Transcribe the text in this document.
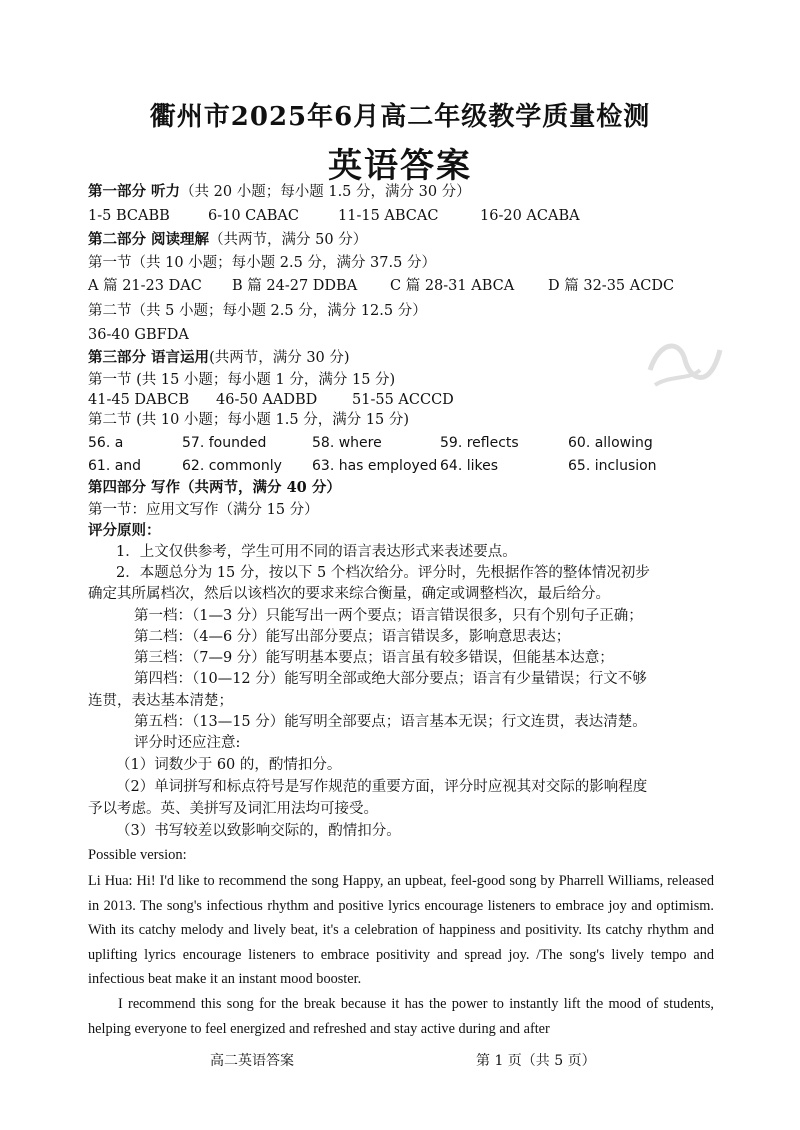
衢州市2025年6月高二年级教学质量检测
英语答案
第一部分 听力（共 20 小题；每小题 1.5 分，满分 30 分）
1-5 BCABB	6-10 CABAC	11-15 ABCAC	16-20 ACABA
第二部分 阅读理解（共两节，满分 50 分）
第一节（共 10 小题；每小题 2.5 分，满分 37.5 分）
A 篇 21-23 DAC B 篇 24-27 DDBA C 篇 28-31 ABCA D 篇 32-35 ACDC
第二节（共 5 小题；每小题 2.5 分，满分 12.5 分）
36-40 GBFDA
第三部分 语言运用(共两节，满分 30 分)
第一节 (共 15 小题；每小题 1 分，满分 15 分)
41-45 DABCB 46-50 AADBD 51-55 ACCCD
第二节 (共 10 小题；每小题 1.5 分，满分 15 分)
56. a	57. founded	58. where	59. reflects	60. allowing
61. and	62. commonly 63. has employed 64. likes	65. inclusion
第四部分 写作（共两节，满分 40 分）
第一节：应用文写作（满分 15 分）
评分原则：
1．上文仅供参考，学生可用不同的语言表达形式来表述要点。
2．本题总分为 15 分，按以下 5 个档次给分。评分时，先根据作答的整体情况初步
确定其所属档次，然后以该档次的要求来综合衡量，确定或调整档次，最后给分。
第一档：（1—3 分）只能写出一两个要点；语言错误很多，只有个别句子正确；
第二档：（4—6 分）能写出部分要点；语言错误多，影响意思表达；
第三档：（7—9 分）能写明基本要点；语言虽有较多错误，但能基本达意；
第四档：（10—12 分）能写明全部或绝大部分要点；语言有少量错误；行文不够
连贯，表达基本清楚；
第五档：（13—15 分）能写明全部要点；语言基本无误；行文连贯，表达清楚。
评分时还应注意:
（1）词数少于 60 的，酌情扣分。
（2）单词拼写和标点符号是写作规范的重要方面，评分时应视其对交际的影响程度
予以考虑。英、美拼写及词汇用法均可接受。
（3）书写较差以致影响交际的，酌情扣分。
Possible version:
Li Hua: Hi! I'd like to recommend the song Happy, an upbeat, feel-good song by Pharrell Williams, released in 2013. The song's infectious rhythm and positive lyrics encourage listeners to embrace joy and optimism. With its catchy melody and lively beat, it's a celebration of happiness and positivity. Its catchy rhythm and uplifting lyrics encourage listeners to embrace positivity and spread joy. /The song's lively tempo and infectious beat make it an instant mood booster.
I recommend this song for the break because it has the power to instantly lift the mood of students, helping everyone to feel energized and refreshed and stay active during and after
高二英语答案	第 1 页（共 5 页）
